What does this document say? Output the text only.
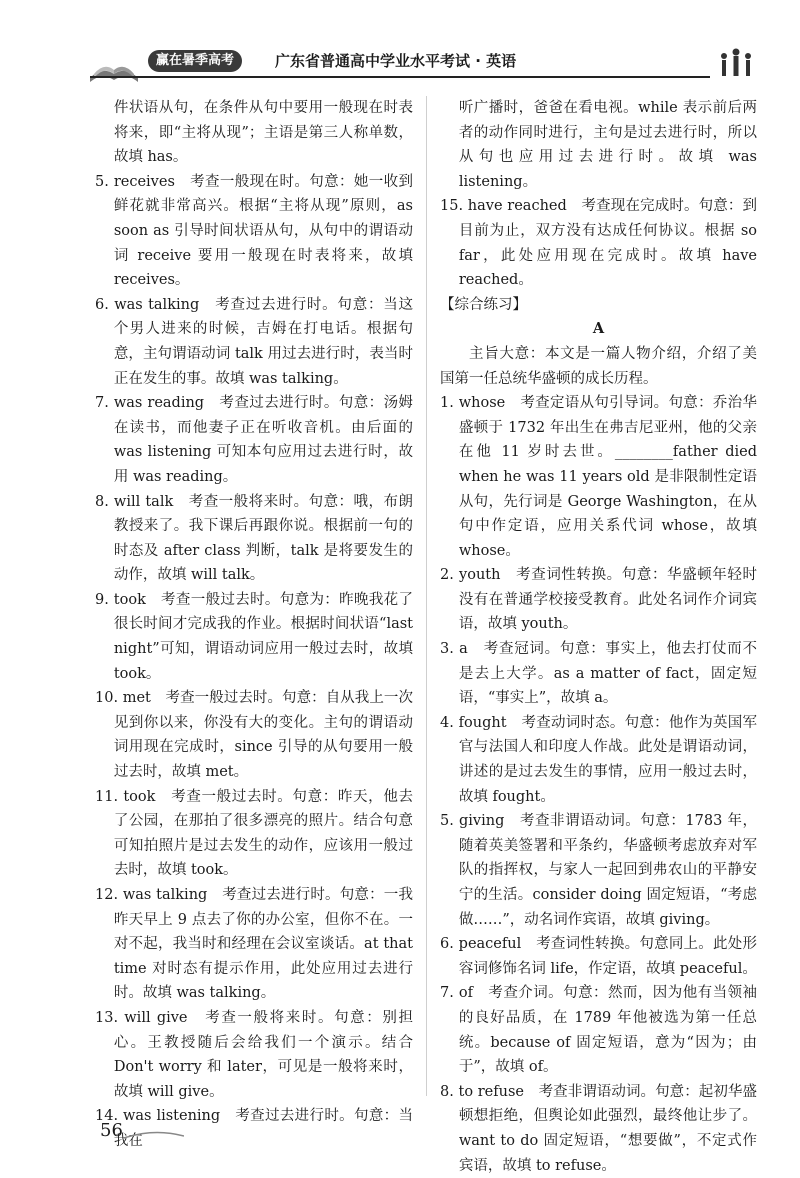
赢在暑季高考	广东省普通高中学业水平考试 · 英语

件状语从句，在条件从句中要用一般现在时表将来，即“主将从现”；主语是第三人称单数，故填 has。

5. receives　考查一般现在时。句意：她一收到鲜花就非常高兴。根据“主将从现”原则，as soon as 引导时间状语从句，从句中的谓语动词 receive 要用一般现在时表将来，故填 receives。

6. was talking　考查过去进行时。句意：当这个男人进来的时候，吉姆在打电话。根据句意，主句谓语动词 talk 用过去进行时，表当时正在发生的事。故填 was talking。

7. was reading　考查过去进行时。句意：汤姆在读书，而他妻子正在听收音机。由后面的 was listening 可知本句应用过去进行时，故用 was reading。

8. will talk　考查一般将来时。句意：哦，布朗教授来了。我下课后再跟你说。根据前一句的时态及 after class 判断，talk 是将要发生的动作，故填 will talk。

9. took　考查一般过去时。句意为：昨晚我花了很长时间才完成我的作业。根据时间状语“last night”可知，谓语动词应用一般过去时，故填 took。

10. met　考查一般过去时。句意：自从我上一次见到你以来，你没有大的变化。主句的谓语动词用现在完成时，since 引导的从句要用一般过去时，故填 met。

11. took　考查一般过去时。句意：昨天，他去了公园，在那拍了很多漂亮的照片。结合句意可知拍照片是过去发生的动作，应该用一般过去时，故填 took。

12. was talking　考查过去进行时。句意：一我昨天早上 9 点去了你的办公室，但你不在。一对不起，我当时和经理在会议室谈话。at that time 对时态有提示作用，此处应用过去进行时。故填 was talking。

13. will give　考查一般将来时。句意：别担心。王教授随后会给我们一个演示。结合 Don't worry 和 later，可见是一般将来时，故填 will give。

14. was listening　考查过去进行时。句意：当我在

听广播时，爸爸在看电视。while 表示前后两者的动作同时进行，主句是过去进行时，所以从句也应用过去进行时。故填 was listening。

15. have reached　考查现在完成时。句意：到目前为止，双方没有达成任何协议。根据 so far，此处应用现在完成时。故填 have reached。

【综合练习】

A

主旨大意：本文是一篇人物介绍，介绍了美国第一任总统华盛顿的成长历程。

1. whose　考查定语从句引导词。句意：乔治华盛顿于 1732 年出生在弗吉尼亚州，他的父亲在他 11 岁时去世。________father died when he was 11 years old 是非限制性定语从句，先行词是 George Washington，在从句中作定语，应用关系代词 whose，故填 whose。

2. youth　考查词性转换。句意：华盛顿年轻时没有在普通学校接受教育。此处名词作介词宾语，故填 youth。

3. a　考查冠词。句意：事实上，他去打仗而不是去上大学。as a matter of fact，固定短语，“事实上”，故填 a。

4. fought　考查动词时态。句意：他作为英国军官与法国人和印度人作战。此处是谓语动词，讲述的是过去发生的事情，应用一般过去时，故填 fought。

5. giving　考查非谓语动词。句意：1783 年，随着英美签署和平条约，华盛顿考虑放弃对军队的指挥权，与家人一起回到弗农山的平静安宁的生活。consider doing 固定短语，“考虑做……”，动名词作宾语，故填 giving。

6. peaceful　考查词性转换。句意同上。此处形容词修饰名词 life，作定语，故填 peaceful。

7. of　考查介词。句意：然而，因为他有当领袖的良好品质，在 1789 年他被选为第一任总统。because of 固定短语，意为“因为；由于”，故填 of。

8. to refuse　考查非谓语动词。句意：起初华盛顿想拒绝，但舆论如此强烈，最终他让步了。want to do 固定短语，“想要做”，不定式作宾语，故填 to refuse。

56
